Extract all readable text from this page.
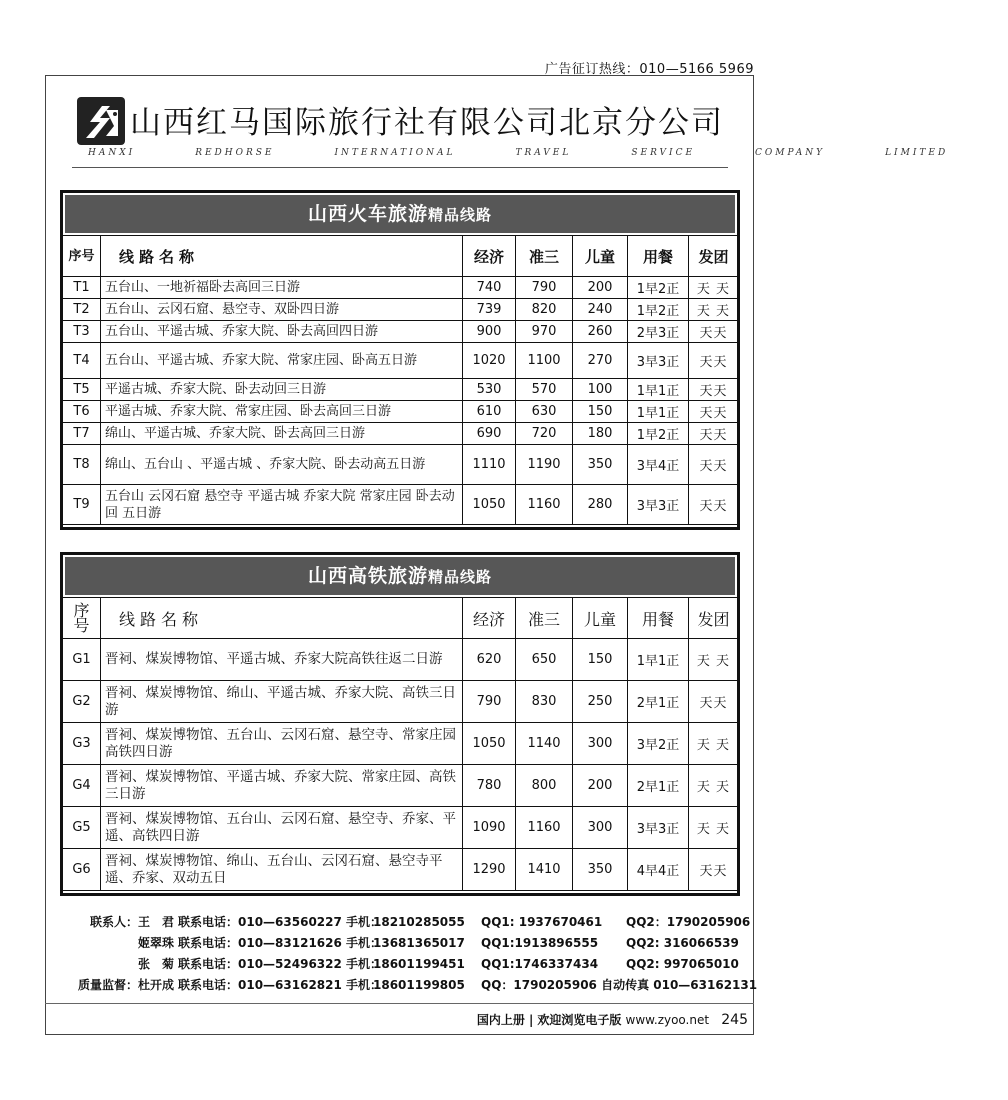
广告征订热线：010—5166 5969
山西红马国际旅行社有限公司北京分公司
HANXI	REDHORSE	INTERNATIONAL	TRAVEL	SERVICE	COMPANY	LIMITED
山西火车旅游精品线路
序号	线路名称	经济	准三	儿童	用餐	发团
T1	五台山、一地祈福卧去高回三日游	740	790	200	1早2正	天 天
T2	五台山、云冈石窟、悬空寺、双卧四日游	739	820	240	1早2正	天 天
T3	五台山、平遥古城、乔家大院、卧去高回四日游	900	970	260	2早3正	天天
T4	五台山、平遥古城、乔家大院、常家庄园、卧高五日游	1020	1100	270	3早3正	天天
T5	平遥古城、乔家大院、卧去动回三日游	530	570	100	1早1正	天天
T6	平遥古城、乔家大院、常家庄园、卧去高回三日游	610	630	150	1早1正	天天
T7	绵山、平遥古城、乔家大院、卧去高回三日游	690	720	180	1早2正	天天
T8	绵山、五台山 、平遥古城 、乔家大院、卧去动高五日游	1110	1190	350	3早4正	天天
T9	五台山 云冈石窟 悬空寺 平遥古城 乔家大院 常家庄园 卧去动回 五日游	1050	1160	280	3早3正	天天
山西高铁旅游精品线路
序号	线路名称	经济	准三	儿童	用餐	发团
G1	晋祠、煤炭博物馆、平遥古城、乔家大院高铁往返二日游	620	650	150	1早1正	天 天
G2	晋祠、煤炭博物馆、绵山、平遥古城、乔家大院、高铁三日游	790	830	250	2早1正	天天
G3	晋祠、煤炭博物馆、五台山、云冈石窟、悬空寺、常家庄园高铁四日游	1050	1140	300	3早2正	天 天
G4	晋祠、煤炭博物馆、平遥古城、乔家大院、常家庄园、高铁三日游	780	800	200	2早1正	天 天
G5	晋祠、煤炭博物馆、五台山、云冈石窟、悬空寺、乔家、平遥、高铁四日游	1090	1160	300	3早3正	天 天
G6	晋祠、煤炭博物馆、绵山、五台山、云冈石窟、悬空寺平遥、乔家、双动五日	1290	1410	350	4早4正	天天
联系人： 王　君 联系电话：010—63560227 手机：
18210285055 QQ1: 1937670461 QQ2：1790205906
姬翠珠 联系电话：010—83121626 手机：
13681365017 QQ1:1913896555 QQ2: 316066539
张　菊 联系电话：010—52496322 手机：
18601199451 QQ1:1746337434 QQ2: 997065010
质量监督： 杜开成 联系电话：010—63162821 手机：
18601199805 QQ：1790205906 自动传真 010—63162131
国内上册 | 欢迎浏览电子版 www.zyoo.net 245
